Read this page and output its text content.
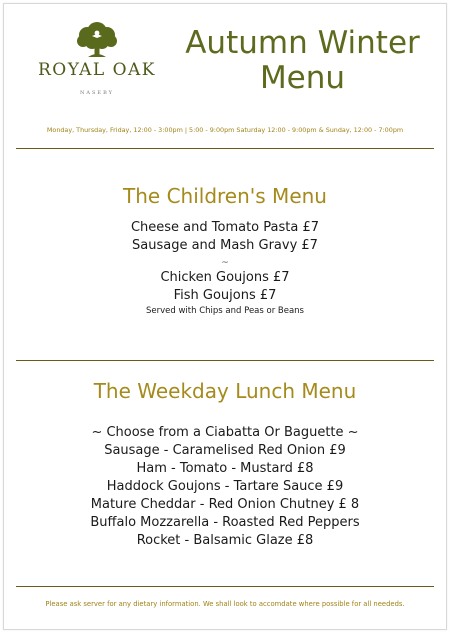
ROYAL OAK
NASEBY
Autumn Winter
Menu
Monday, Thursday, Friday, 12:00 - 3:00pm | 5:00 - 9:00pm Saturday 12:00 - 9:00pm & Sunday, 12:00 - 7:00pm
The Children's Menu
Cheese and Tomato Pasta £7
Sausage and Mash Gravy £7
~
Chicken Goujons £7
Fish Goujons £7
Served with Chips and Peas or Beans
The Weekday Lunch Menu
~ Choose from a Ciabatta Or Baguette ~
Sausage - Caramelised Red Onion £9
Ham - Tomato - Mustard £8
Haddock Goujons - Tartare Sauce £9
Mature Cheddar - Red Onion Chutney £ 8
Buffalo Mozzarella - Roasted Red Peppers
Rocket - Balsamic Glaze £8
Please ask server for any dietary information. We shall look to accomdate where possible for all neededs.
